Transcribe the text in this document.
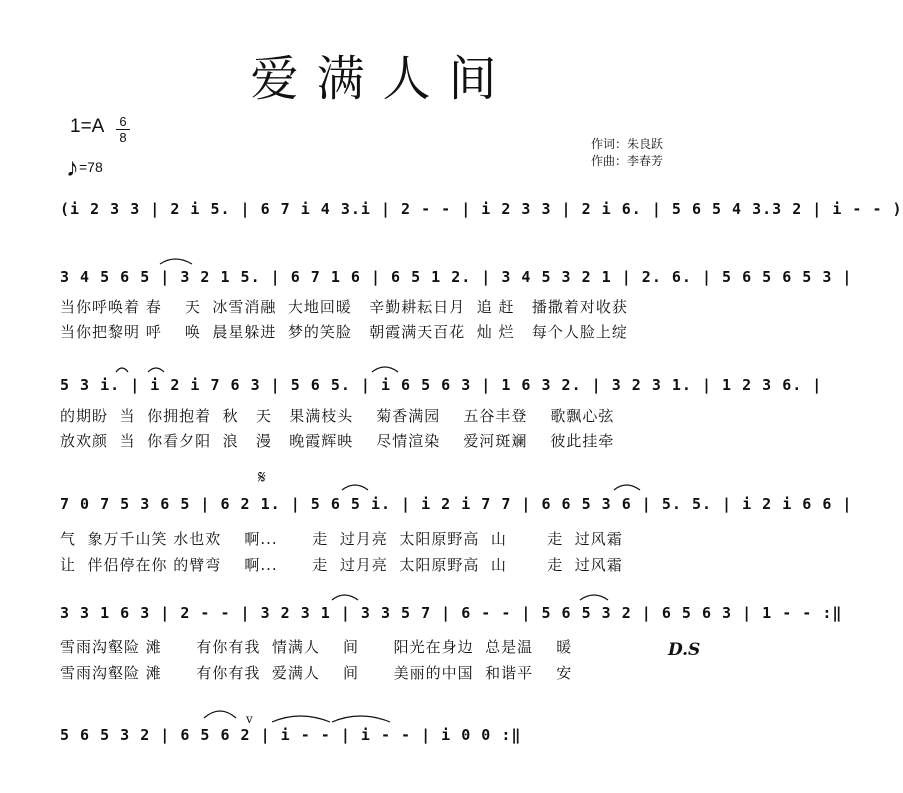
爱满人间
1=A 6
8
♪=78
作词：朱良跃
作曲：李春芳
(i 2 3 3 | 2 i 5. | 6 7 i 4 3.i | 2 - - | i 2 3 3 | 2 i 6. | 5 6 5 4 3.3 2 | i - - )
3 4 5 6 5 | 3 2 1 5. | 6 7 1 6 | 6 5 1 2. | 3 4 5 3 2 1 | 2. 6. | 5 6 5 6 5 3 |
当你呼唤着 春    天  冰雪消融  大地回暖   辛勤耕耘日月  追 赶   播撒着对收获
当你把黎明 呼    唤  晨星躲进  梦的笑脸   朝霞满天百花  灿 烂   每个人脸上绽
5 3 i. | i 2 i 7 6 3 | 5 6 5. | i 6 5 6 3 | 1 6 3 2. | 3 2 3 1. | 1 2 3 6. |
的期盼  当  你拥抱着  秋   天   果满枝头    菊香满园    五谷丰登    歌飘心弦
放欢颜  当  你看夕阳  浪   漫   晚霞辉映    尽情渲染    爱河斑斓    彼此挂牵
𝄋
7 0 7 5 3 6 5 | 6 2 1. | 5 6 5 i. | i 2 i 7 7 | 6 6 5 3 6 | 5. 5. | i 2 i 6 6 |
气  象万千山笑 水也欢    啊...      走  过月亮  太阳原野高  山       走  过风霜
让  伴侣停在你 的臂弯    啊...      走  过月亮  太阳原野高  山       走  过风霜
3 3 1 6 3 | 2 - - | 3 2 3 1 | 3 3 5 7 | 6 - - | 5 6 5 3 2 | 6 5 6 3 | 1 - - :‖
雪雨沟壑险 滩      有你有我  情满人    间      阳光在身边  总是温    暖
雪雨沟壑险 滩      有你有我  爱满人    间      美丽的中国  和谐平    安
D.S
v
5 6 5 3 2 | 6 5 6 2 | i - - | i - - | i 0 0 :‖
